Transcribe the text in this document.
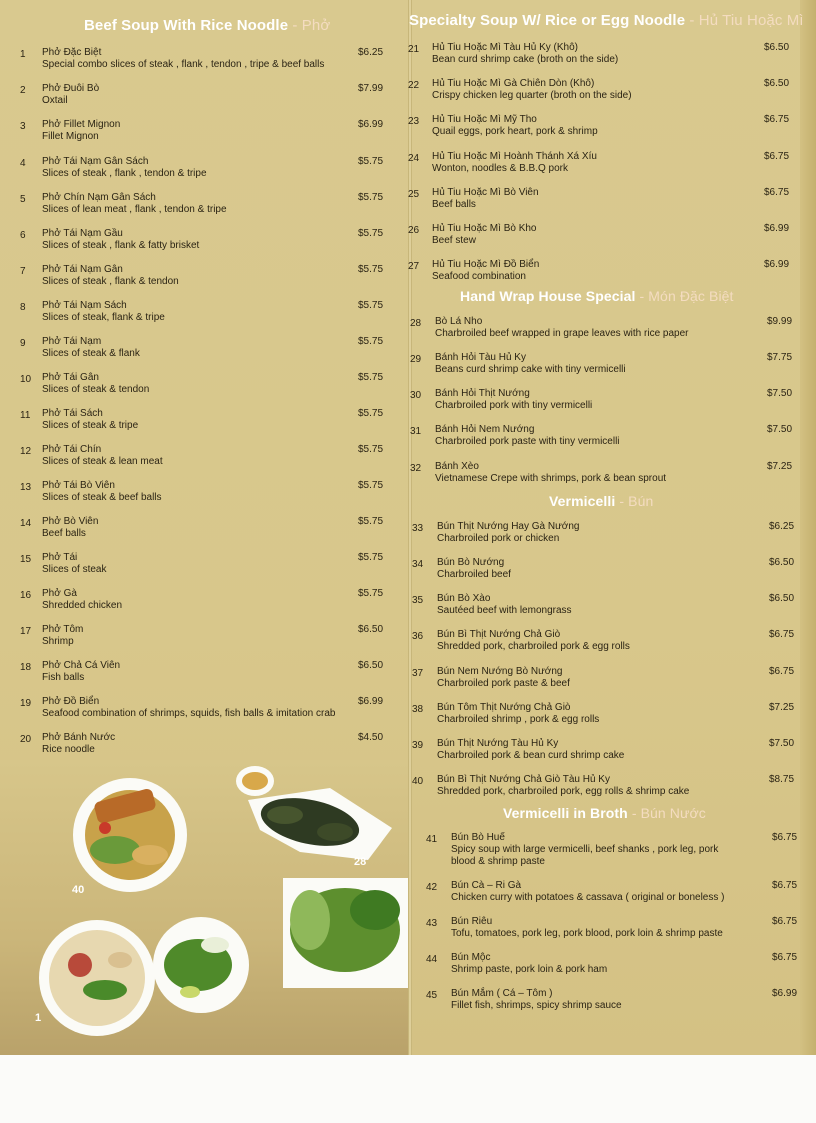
Beef Soup With Rice Noodle - Phở
1	Phở Đặc Biệt
Special combo slices of steak , flank , tendon , tripe & beef balls
$6.25
2	Phở Đuôi Bò
Oxtail
$7.99
3	Phở Fillet Mignon
Fillet Mignon
$6.99
4	Phở Tái Nạm Gân Sách
Slices of steak , flank , tendon & tripe
$5.75
5	Phở Chín Nạm Gân Sách
Slices of lean meat , flank , tendon & tripe
$5.75
6	Phở Tái Nạm Gầu
Slices of steak , flank & fatty brisket
$5.75
7	Phở Tái Nạm Gân
Slices of steak , flank & tendon
$5.75
8	Phở Tái Nạm Sách
Slices of steak, flank & tripe
$5.75
9	Phở Tái Nạm
Slices of steak & flank
$5.75
10	Phở Tái Gân
Slices of steak & tendon
$5.75
11	Phở Tái Sách
Slices of steak & tripe
$5.75
12	Phở Tái Chín
Slices of steak & lean meat
$5.75
13	Phở Tái Bò Viên
Slices of steak & beef balls
$5.75
14	Phở Bò Viên
Beef balls
$5.75
15	Phở Tái
Slices of steak
$5.75
16	Phở Gà
Shredded chicken
$5.75
17	Phở Tôm
Shrimp
$6.50
18	Phở Chả Cá Viên
Fish balls
$6.50
19	Phở Đồ Biển
Seafood combination of shrimps, squids, fish balls & imitation crab
$6.99
20	Phở Bánh Nước
Rice noodle
$4.50
40
28
1
Specialty Soup W/ Rice or Egg Noodle - Hủ Tiu Hoặc Mì
Hand Wrap House Special - Món Đặc Biệt
Vermicelli - Bún
Vermicelli in Broth - Bún Nước
21	Hủ Tiu Hoặc Mì Tàu Hủ Ky (Khô)
Bean curd shrimp cake (broth on the side)
$6.50
22	Hủ Tiu Hoặc Mì Gà Chiên Dòn (Khô)
Crispy chicken leg quarter (broth on the side)
$6.50
23	Hủ Tiu Hoặc Mì Mỹ Tho
Quail eggs, pork heart, pork & shrimp
$6.75
24	Hủ Tiu Hoặc Mì Hoành Thánh Xá Xíu
Wonton, noodles & B.B.Q pork
$6.75
25	Hủ Tiu Hoặc Mì Bò Viên
Beef balls
$6.75
26	Hủ Tiu Hoặc Mì Bò Kho
Beef stew
$6.99
27	Hủ Tiu Hoặc Mì Đồ Biển
Seafood combination
$6.99
28	Bò Lá Nho
Charbroiled beef wrapped in grape leaves with rice paper
$9.99
29	Bánh Hỏi Tàu Hủ Ky
Beans curd shrimp cake with tiny vermicelli
$7.75
30	Bánh Hỏi Thịt Nướng
Charbroiled pork with tiny vermicelli
$7.50
31	Bánh Hỏi Nem Nướng
Charbroiled pork paste with tiny vermicelli
$7.50
32	Bánh Xèo
Vietnamese Crepe with shrimps, pork & bean sprout
$7.25
33	Bún Thịt Nướng Hay Gà Nướng
Charbroiled pork or chicken
$6.25
34	Bún Bò Nướng
Charbroiled beef
$6.50
35	Bún Bò Xào
Sautéed beef with lemongrass
$6.50
36	Bún Bì Thịt Nướng Chả Giò
Shredded pork, charbroiled pork & egg rolls
$6.75
37	Bún Nem Nướng Bò Nướng
Charbroiled pork paste & beef
$6.75
38	Bún Tôm Thịt Nướng Chả Giò
Charbroiled shrimp , pork & egg rolls
$7.25
39	Bún Thịt Nướng Tàu Hủ Ky
Charbroiled pork & bean curd shrimp cake
$7.50
40	Bún Bì Thịt Nướng Chả Giò Tàu Hủ Ky
Shredded pork, charbroiled pork, egg rolls & shrimp cake
$8.75
41	Bún Bò Huế
Spicy soup with large vermicelli, beef shanks , pork leg, pork blood & shrimp paste
$6.75
42	Bún Cà – Ri Gà
Chicken curry with potatoes & cassava ( original or boneless )
$6.75
43	Bún Riêu
Tofu, tomatoes, pork leg, pork blood, pork loin & shrimp paste
$6.75
44	Bún Mộc
Shrimp paste, pork loin & pork ham
$6.75
45	Bún Mắm ( Cá – Tôm )
Fillet fish, shrimps, spicy shrimp sauce
$6.99
